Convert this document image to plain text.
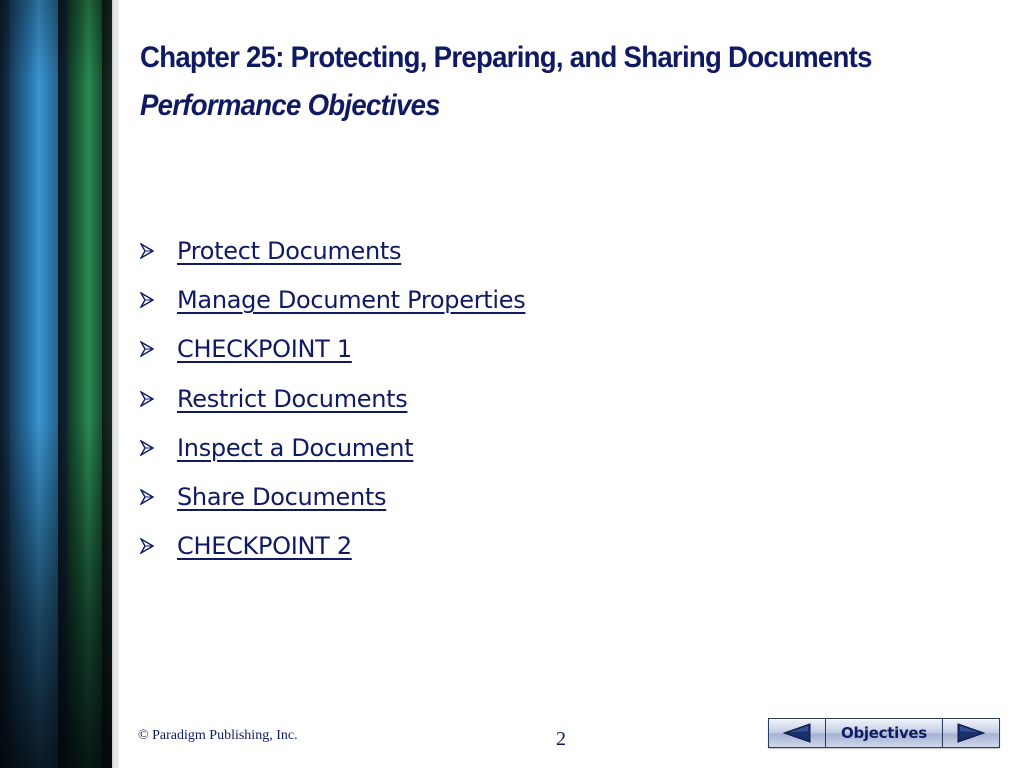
Chapter 25: Protecting, Preparing, and Sharing Documents
Performance Objectives
Protect Documents
Manage Document Properties
CHECKPOINT 1
Restrict Documents
Inspect a Document
Share Documents
CHECKPOINT 2
© Paradigm Publishing, Inc.	2	Objectives
